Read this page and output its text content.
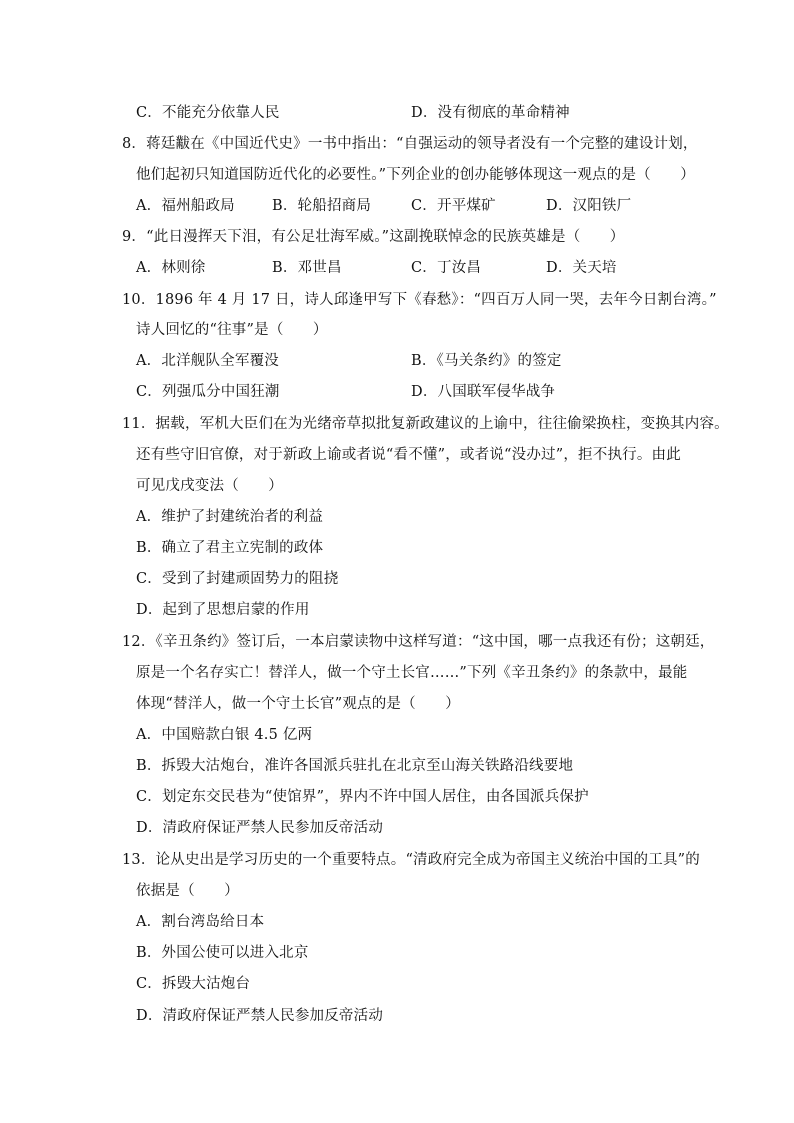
C．不能充分依靠人民	D．没有彻底的革命精神
8．蒋廷黻在《中国近代史》一书中指出：“自强运动的领导者没有一个完整的建设计划，
他们起初只知道国防近代化的必要性。”下列企业的创办能够体现这一观点的是（　　）
A．福州船政局	B．轮船招商局	C．开平煤矿	D．汉阳铁厂
9．“此日漫挥天下泪，有公足壮海军威。”这副挽联悼念的民族英雄是（　　）
A．林则徐	B．邓世昌	C．丁汝昌	D．关天培
10．1896 年 4 月 17 日，诗人邱逢甲写下《春愁》：“四百万人同一哭，去年今日割台湾。”
诗人回忆的“往事”是（　　）
A．北洋舰队全军覆没	B．《马关条约》的签定
C．列强瓜分中国狂潮	D．八国联军侵华战争
11．据载，军机大臣们在为光绪帝草拟批复新政建议的上谕中，往往偷梁换柱，变换其内容。
还有些守旧官僚，对于新政上谕或者说“看不懂”，或者说“没办过”，拒不执行。由此
可见戊戌变法（　　）
A．维护了封建统治者的利益
B．确立了君主立宪制的政体
C．受到了封建顽固势力的阻挠
D．起到了思想启蒙的作用
12．《辛丑条约》签订后，一本启蒙读物中这样写道：“这中国，哪一点我还有份；这朝廷，
原是一个名存实亡！替洋人，做一个守土长官……”下列《辛丑条约》的条款中，最能
体现“替洋人，做一个守土长官”观点的是（　　）
A．中国赔款白银 4.5 亿两
B．拆毁大沽炮台，准许各国派兵驻扎在北京至山海关铁路沿线要地
C．划定东交民巷为“使馆界”，界内不许中国人居住，由各国派兵保护
D．清政府保证严禁人民参加反帝活动
13．论从史出是学习历史的一个重要特点。“清政府完全成为帝国主义统治中国的工具”的
依据是（　　）
A．割台湾岛给日本
B．外国公使可以进入北京
C．拆毁大沽炮台
D．清政府保证严禁人民参加反帝活动
